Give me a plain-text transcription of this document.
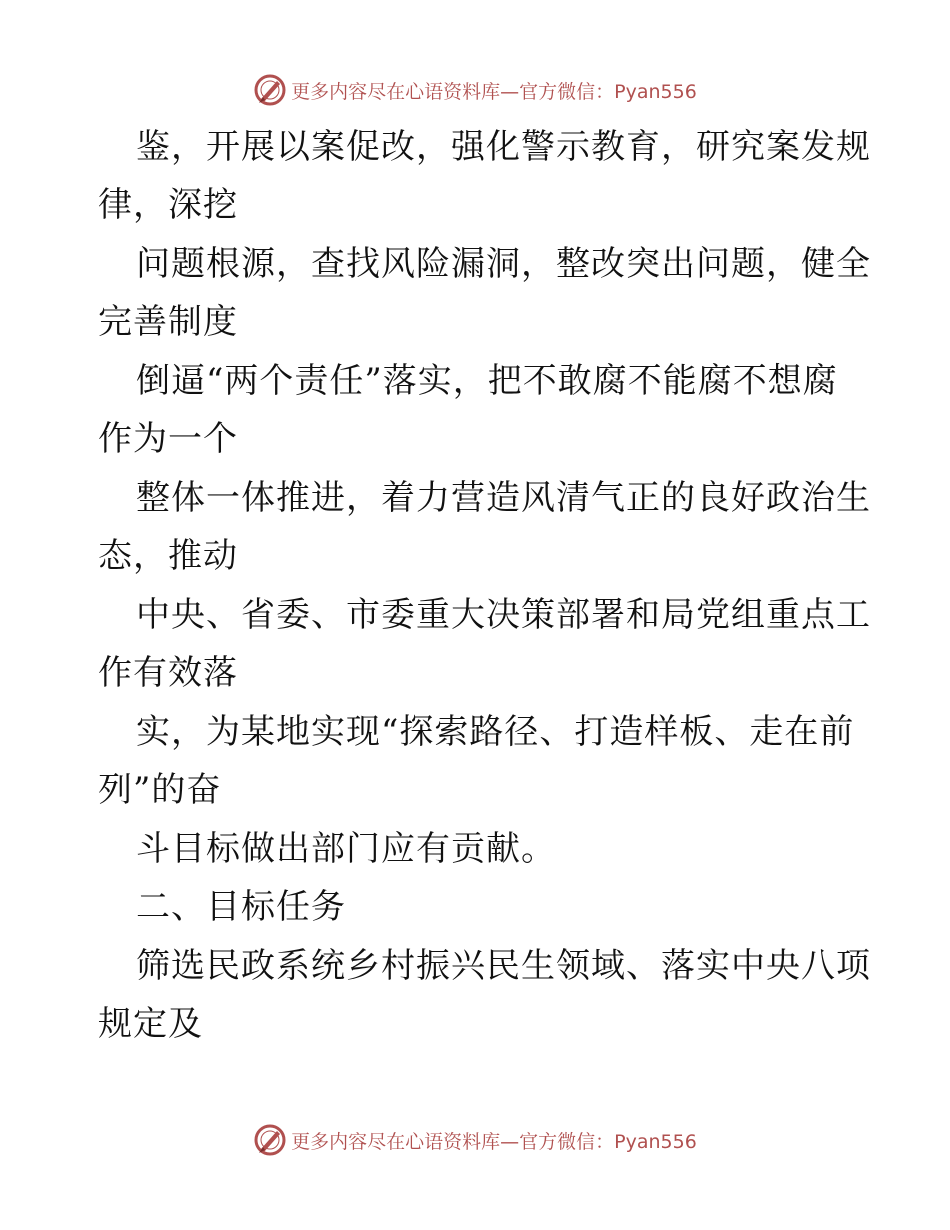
更多内容尽在心语资料库—官方微信：Pyan556
鉴，开展以案促改，强化警示教育，研究案发规
律，深挖
问题根源，查找风险漏洞，整改突出问题，健全
完善制度
倒逼“两个责任”落实，把不敢腐不能腐不想腐
作为一个
整体一体推进，着力营造风清气正的良好政治生
态，推动
中央、省委、市委重大决策部署和局党组重点工
作有效落
实，为某地实现“探索路径、打造样板、走在前
列”的奋
斗目标做出部门应有贡献。
二、目标任务
筛选民政系统乡村振兴民生领域、落实中央八项
规定及
更多内容尽在心语资料库—官方微信：Pyan556
